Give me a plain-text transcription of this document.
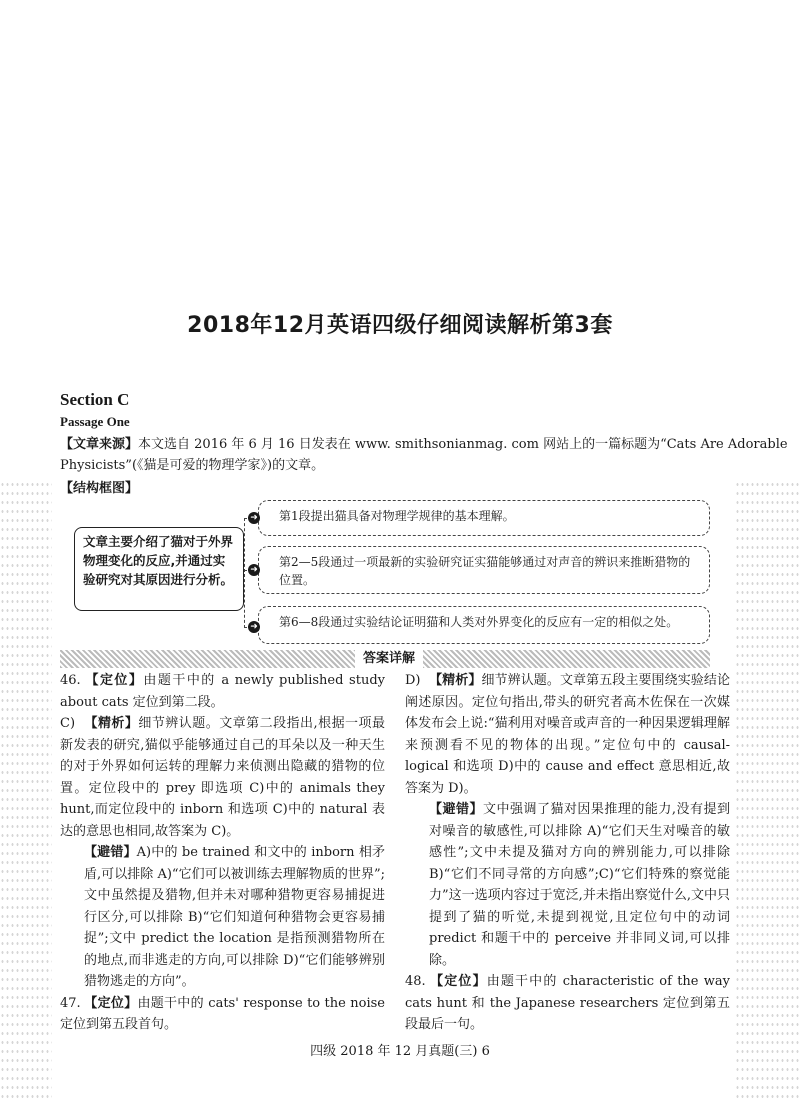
2018年12月英语四级仔细阅读解析第3套
Section C
Passage One
【文章来源】本文选自 2016 年 6 月 16 日发表在 www. smithsonianmag. com 网站上的一篇标题为“Cats Are Adorable Physicists”(《猫是可爱的物理学家》)的文章。
【结构框图】
文章主要介绍了猫对于外界物理变化的反应,并通过实验研究对其原因进行分析。
第1段提出猫具备对物理学规律的基本理解。
➜
第2—5段通过一项最新的实验研究证实猫能够通过对声音的辨识来推断猎物的位置。
➜
第6—8段通过实验结论证明猫和人类对外界变化的反应有一定的相似之处。
➜
答案详解

46. 【定位】由题干中的 a newly published study about cats 定位到第二段。

C) 【精析】细节辨认题。文章第二段指出,根据一项最新发表的研究,猫似乎能够通过自己的耳朵以及一种天生的对于外界如何运转的理解力来侦测出隐藏的猎物的位置。定位段中的 prey 即选项 C)中的 animals they hunt,而定位段中的 inborn 和选项 C)中的 natural 表达的意思也相同,故答案为 C)。

【避错】A)中的 be trained 和文中的 inborn 相矛盾,可以排除 A)“它们可以被训练去理解物质的世界”;文中虽然提及猎物,但并未对哪种猎物更容易捕捉进行区分,可以排除 B)“它们知道何种猎物会更容易捕捉”;文中 predict the location 是指预测猎物所在的地点,而非逃走的方向,可以排除 D)“它们能够辨别猎物逃走的方向”。

47. 【定位】由题干中的 cats' response to the noise 定位到第五段首句。

D) 【精析】细节辨认题。文章第五段主要围绕实验结论阐述原因。定位句指出,带头的研究者高木佐保在一次媒体发布会上说:“猫利用对噪音或声音的一种因果逻辑理解来预测看不见的物体的出现。”定位句中的 causal-logical 和选项 D)中的 cause and effect 意思相近,故答案为 D)。

【避错】文中强调了猫对因果推理的能力,没有提到对噪音的敏感性,可以排除 A)“它们天生对噪音的敏感性”;文中未提及猫对方向的辨别能力,可以排除 B)“它们不同寻常的方向感”;C)“它们特殊的察觉能力”这一选项内容过于宽泛,并未指出察觉什么,文中只提到了猫的听觉,未提到视觉,且定位句中的动词 predict 和题干中的 perceive 并非同义词,可以排除。

48. 【定位】由题干中的 characteristic of the way cats hunt 和 the Japanese researchers 定位到第五段最后一句。

四级 2018 年 12 月真题(三) 6
